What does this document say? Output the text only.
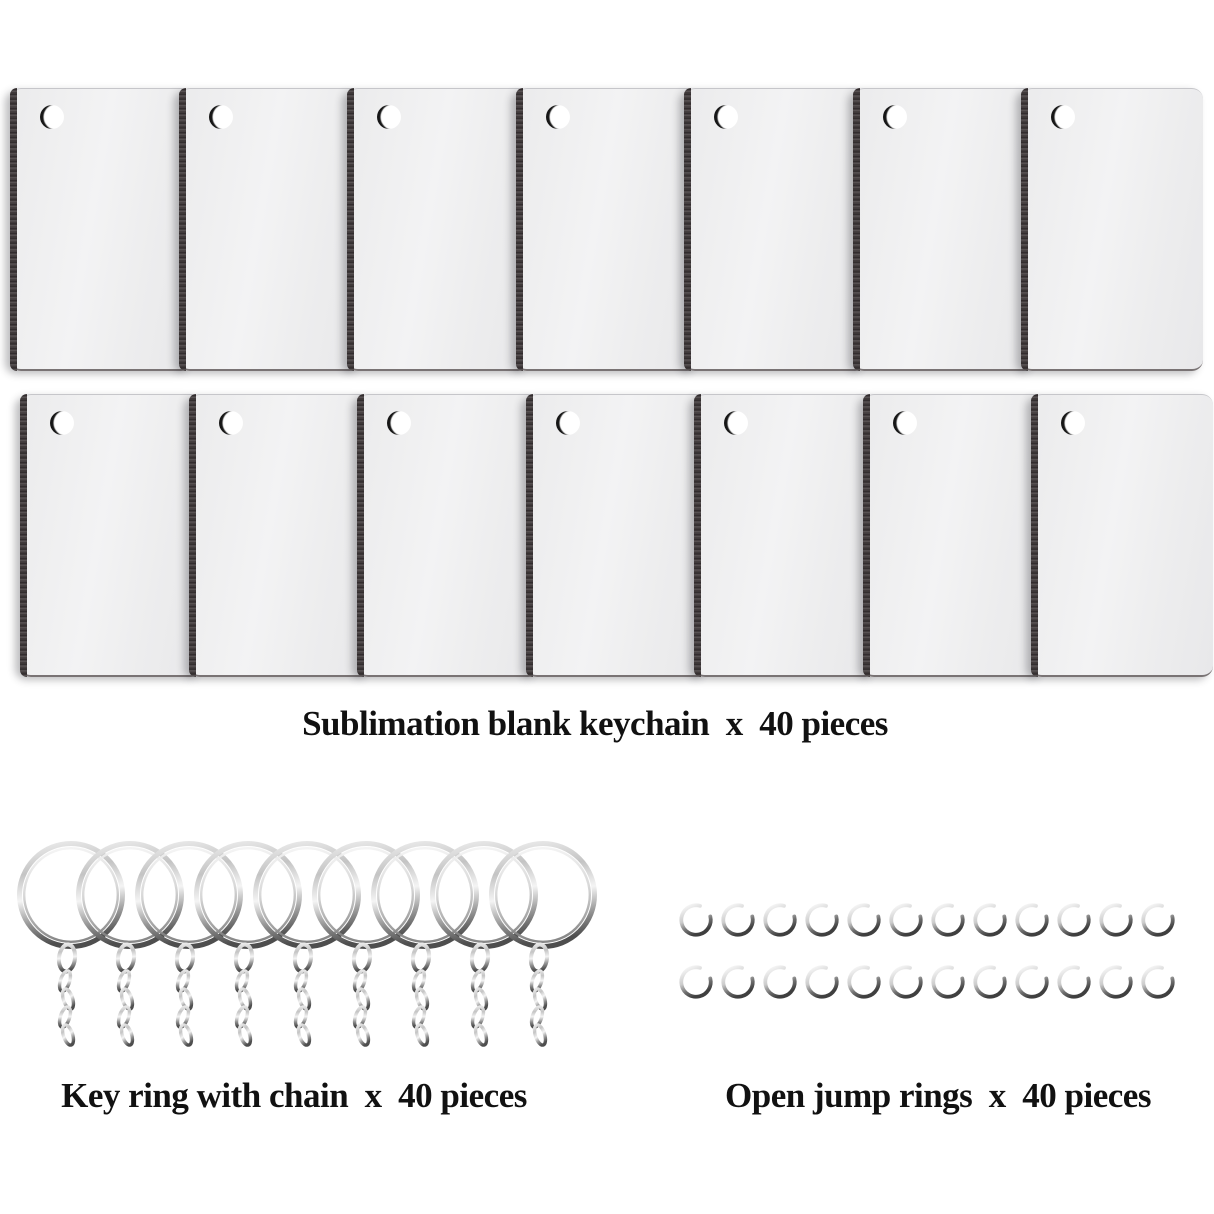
Sublimation blank keychain  x  40 pieces
Key ring with chain  x  40 pieces	Open jump rings  x  40 pieces
